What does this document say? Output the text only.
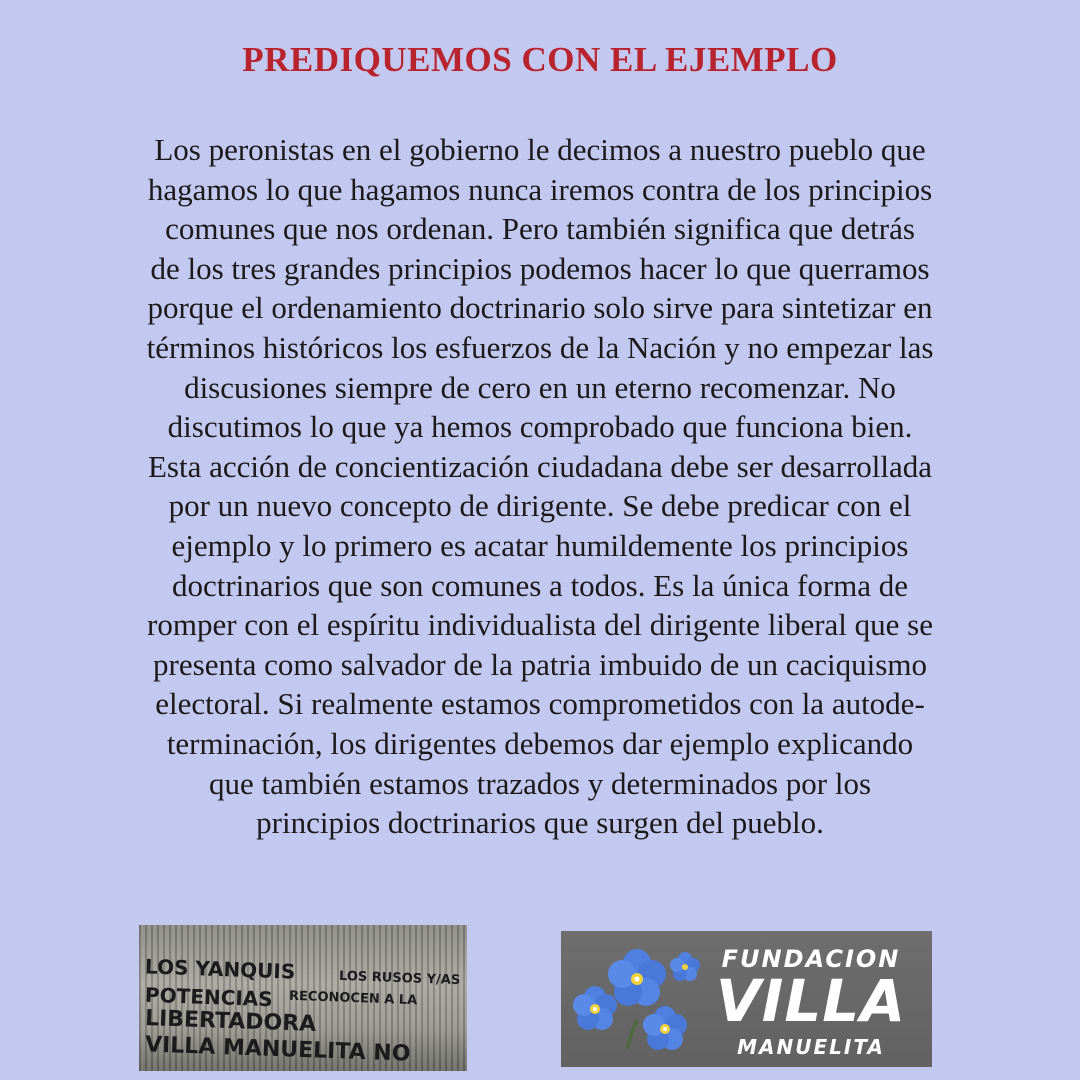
PREDIQUEMOS CON EL EJEMPLO
Los peronistas en el gobierno le decimos a nuestro pueblo que
hagamos lo que hagamos nunca iremos contra de los principios
comunes que nos ordenan. Pero también significa que detrás
de los tres grandes principios podemos hacer lo que querramos
porque el ordenamiento doctrinario solo sirve para sintetizar en
términos históricos los esfuerzos de la Nación y no empezar las
discusiones siempre de cero en un eterno recomenzar. No
discutimos lo que ya hemos comprobado que funciona bien.
Esta acción de concientización ciudadana debe ser desarrollada
por un nuevo concepto de dirigente. Se debe predicar con el
ejemplo y lo primero es acatar humildemente los principios
doctrinarios que son comunes a todos. Es la única forma de
romper con el espíritu individualista del dirigente liberal que se
presenta como salvador de la patria imbuido de un caciquismo
electoral. Si realmente estamos comprometidos con la autode-
terminación, los dirigentes debemos dar ejemplo explicando
que también estamos trazados y determinados por los
principios doctrinarios que surgen del pueblo.
LOS YANQUIS	LOS RUSOS Y/AS
POTENCIAS RECONOCEN A LA
LIBERTADORA
VILLA MANUELITA NO
FUNDACION
VILLA
MANUELITA
